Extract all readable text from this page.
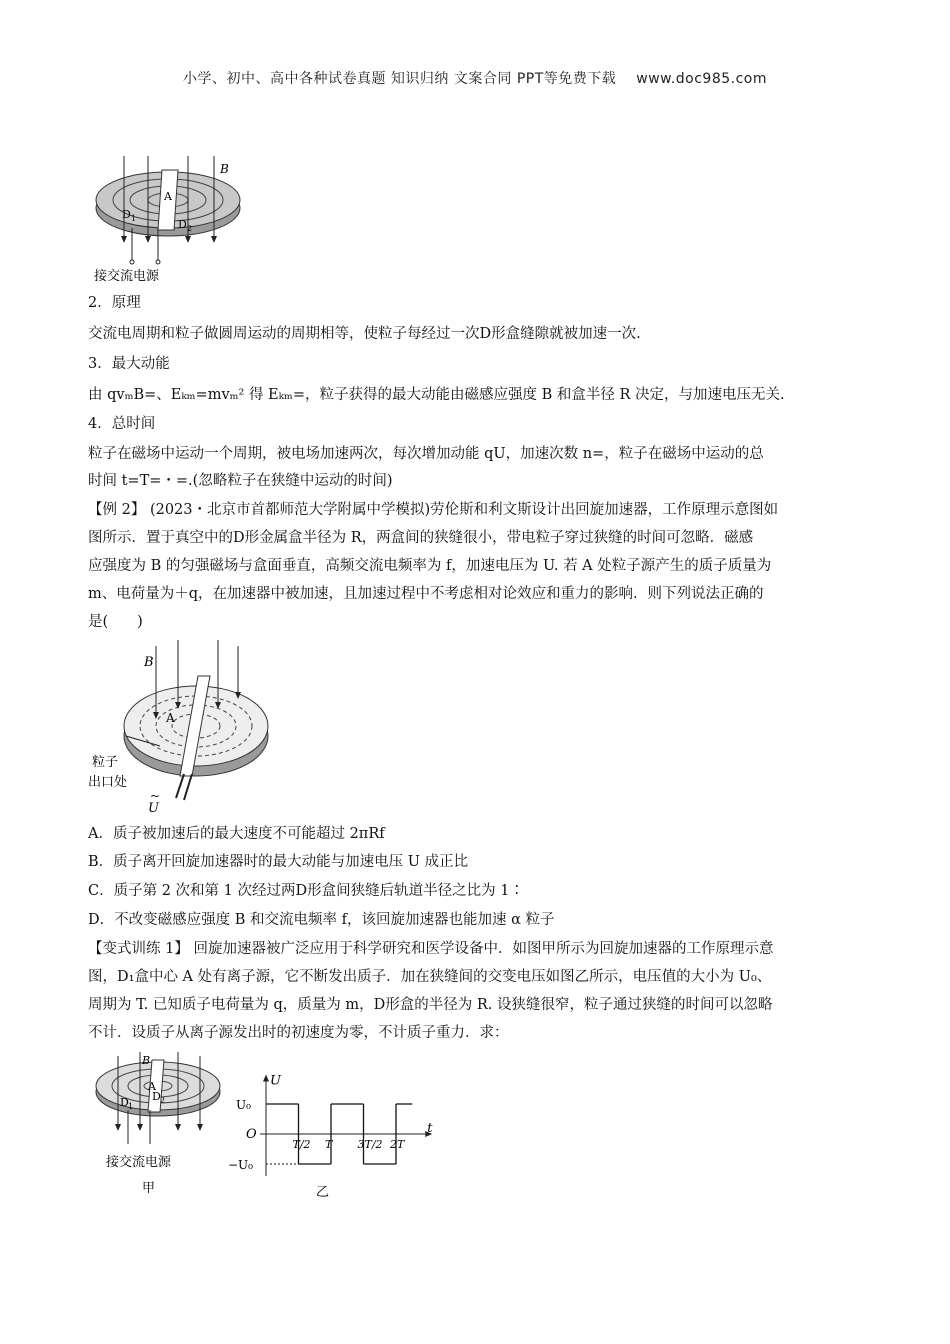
小学、初中、高中各种试卷真题 知识归纳 文案合同 PPT等免费下载 www.doc985.com
B
A
D 1	D 2
接交流电源
2．原理
交流电周期和粒子做圆周运动的周期相等，使粒子每经过一次D形盒缝隙就被加速一次.
3．最大动能
由 qvₘB=、Eₖₘ=mvₘ² 得 Eₖₘ=，粒子获得的最大动能由磁感应强度 B 和盒半径 R 决定，与加速电压无关.
4．总时间
粒子在磁场中运动一个周期，被电场加速两次，每次增加动能 qU，加速次数 n=，粒子在磁场中运动的总
时间 t=T=・=.(忽略粒子在狭缝中运动的时间)
【例 2】 (2023・北京市首都师范大学附属中学模拟)劳伦斯和利文斯设计出回旋加速器，工作原理示意图如
图所示．置于真空中的D形金属盒半径为 R，两盒间的狭缝很小，带电粒子穿过狭缝的时间可忽略．磁感
应强度为 B 的匀强磁场与盒面垂直，高频交流电频率为 f，加速电压为 U. 若 A 处粒子源产生的质子质量为
m、电荷量为＋q，在加速器中被加速，且加速过程中不考虑相对论效应和重力的影响．则下列说法正确的
是(　　)
B
A
粒子
出口处
~
U
A．质子被加速后的最大速度不可能超过 2πRf
B．质子离开回旋加速器时的最大动能与加速电压 U 成正比
C．质子第 2 次和第 1 次经过两D形盒间狭缝后轨道半径之比为 1∶
D．不改变磁感应强度 B 和交流电频率 f，该回旋加速器也能加速 α 粒子
【变式训练 1】 回旋加速器被广泛应用于科学研究和医学设备中．如图甲所示为回旋加速器的工作原理示意
图，D₁盒中心 A 处有离子源，它不断发出质子．加在狭缝间的交变电压如图乙所示，电压值的大小为 U₀、
周期为 T. 已知质子电荷量为 q，质量为 m，D形盒的半径为 R. 设狭缝很窄，粒子通过狭缝的时间可以忽略
不计．设质子从离子源发出时的初速度为零，不计质子重力．求：
B
A
D 1
D 2
接交流电源
甲
U
t
O
U₀
−U₀
乙
T/2 T 3T/2 2T
